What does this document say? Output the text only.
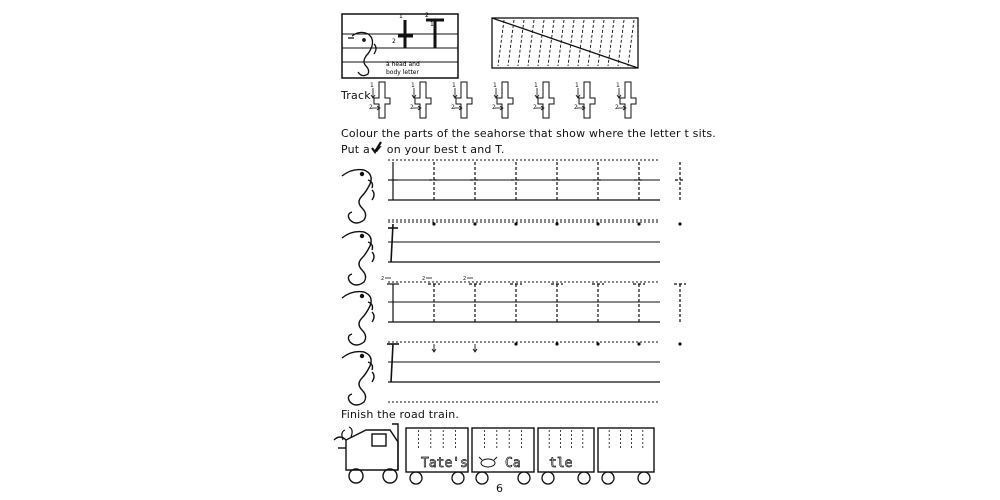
1
2
2
1
a head and
body letter
1
2
1
2
1
2
1
2
1
2
1
2
1
2
2	2	2
Tate's	Ca tle
Track
Colour the parts of the seahorse that show where the letter t sits.
Put a ✔ on your best t and T.
Finish the road train.
6
